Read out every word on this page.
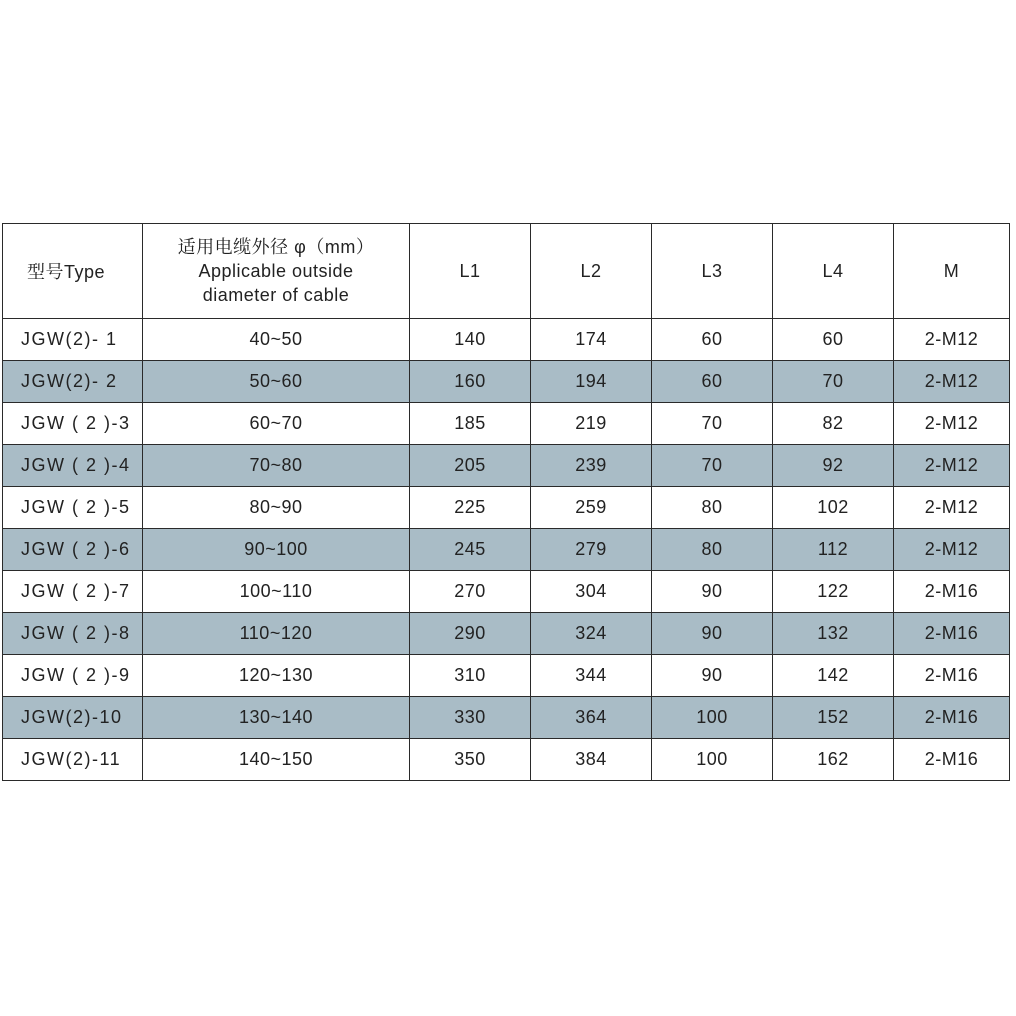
型号Type	适用电缆外径 φ（mm）
Applicable outside
diameter of cable	L1	L2	L3	L4	M
JGW(2)- 1	40~50	140	174	60	60	2-M12
JGW(2)- 2	50~60	160	194	60	70	2-M12
JGW ( 2 )-3	60~70	185	219	70	82	2-M12
JGW ( 2 )-4	70~80	205	239	70	92	2-M12
JGW ( 2 )-5	80~90	225	259	80	102	2-M12
JGW ( 2 )-6	90~100	245	279	80	112	2-M12
JGW ( 2 )-7	100~110	270	304	90	122	2-M16
JGW ( 2 )-8	110~120	290	324	90	132	2-M16
JGW ( 2 )-9	120~130	310	344	90	142	2-M16
JGW(2)-10	130~140	330	364	100	152	2-M16
JGW(2)-11	140~150	350	384	100	162	2-M16
